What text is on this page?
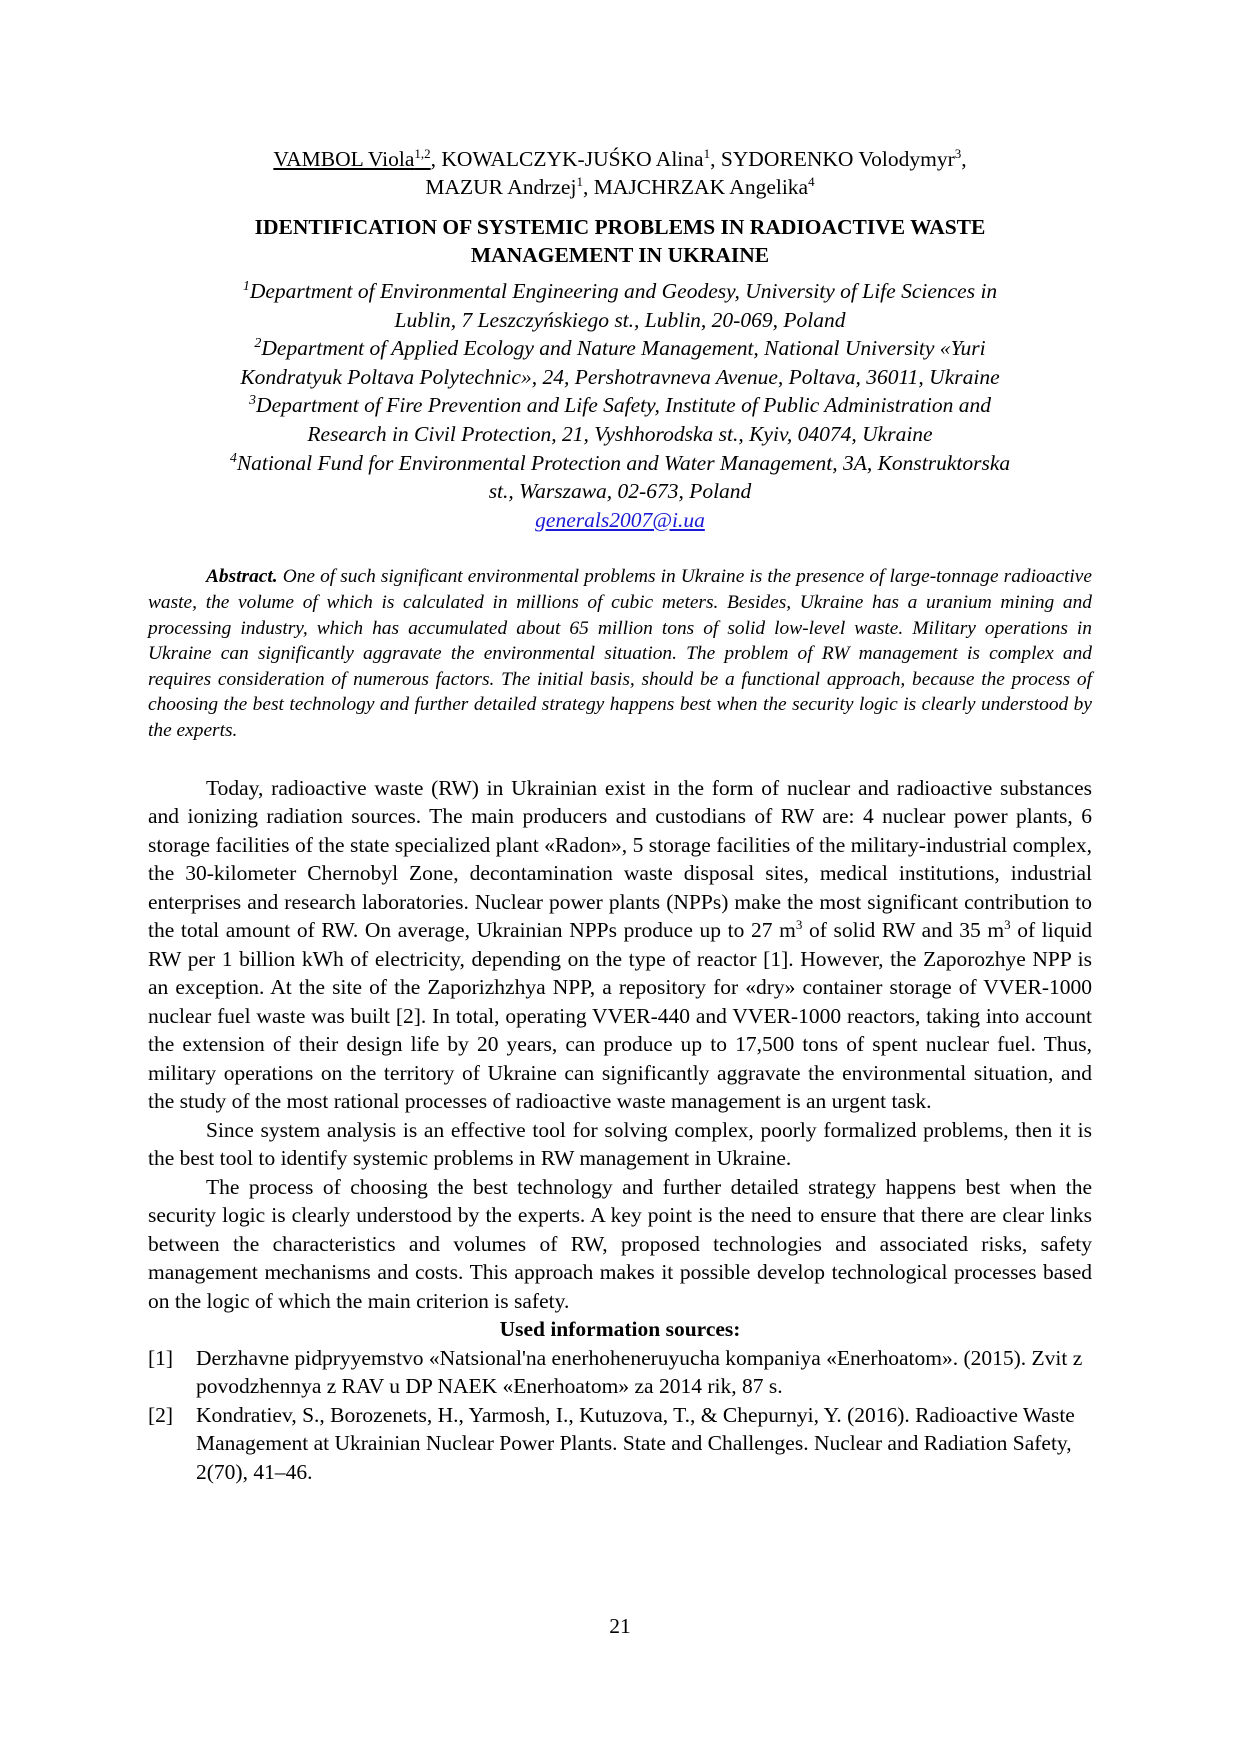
VAMBOL Viola$^{1,2}$, KOWALCZYK-JUŚKO Alina$^1$, SYDORENKO Volodymyr$^3$,
MAZUR Andrzej$^1$, MAJCHRZAK Angelika$^4$
IDENTIFICATION OF SYSTEMIC PROBLEMS IN RADIOACTIVE WASTE
MANAGEMENT IN UKRAINE
$^1$Department of Environmental Engineering and Geodesy, University of Life Sciences in
Lublin, 7 Leszczyńskiego st., Lublin, 20-069, Poland
$^2$Department of Applied Ecology and Nature Management, National University «Yuri
Kondratyuk Poltava Polytechnic», 24, Pershotravneva Avenue, Poltava, 36011, Ukraine
$^3$Department of Fire Prevention and Life Safety, Institute of Public Administration and
Research in Civil Protection, 21, Vyshhorodska st., Kyiv, 04074, Ukraine
$^4$National Fund for Environmental Protection and Water Management, 3A, Konstruktorska
st., Warszawa, 02-673, Poland
generals2007@i.ua
Abstract. One of such significant environmental problems in Ukraine is the presence of large-tonnage radioactive waste, the volume of which is calculated in millions of cubic meters. Besides, Ukraine has a uranium mining and processing industry, which has accumulated about 65 million tons of solid low-level waste. Military operations in Ukraine can significantly aggravate the environmental situation. The problem of RW management is complex and requires consideration of numerous factors. The initial basis, should be a functional approach, because the process of choosing the best technology and further detailed strategy happens best when the security logic is clearly understood by the experts.

Today, radioactive waste (RW) in Ukrainian exist in the form of nuclear and radioactive substances and ionizing radiation sources. The main producers and custodians of RW are: 4 nuclear power plants, 6 storage facilities of the state specialized plant «Radon», 5 storage facilities of the military-industrial complex, the 30-kilometer Chernobyl Zone, decontamination waste disposal sites, medical institutions, industrial enterprises and research laboratories. Nuclear power plants (NPPs) make the most significant contribution to the total amount of RW. On average, Ukrainian NPPs produce up to 27 $m^3$ of solid RW and 35 $m^3$ of liquid RW per 1 billion kWh of electricity, depending on the type of reactor [1]. However, the Zaporozhye NPP is an exception. At the site of the Zaporizhzhya NPP, a repository for «dry» container storage of VVER-1000 nuclear fuel waste was built [2]. In total, operating VVER-440 and VVER-1000 reactors, taking into account the extension of their design life by 20 years, can produce up to 17,500 tons of spent nuclear fuel. Thus, military operations on the territory of Ukraine can significantly aggravate the environmental situation, and the study of the most rational processes of radioactive waste management is an urgent task.

Since system analysis is an effective tool for solving complex, poorly formalized problems, then it is the best tool to identify systemic problems in RW management in Ukraine.

The process of choosing the best technology and further detailed strategy happens best when the security logic is clearly understood by the experts. A key point is the need to ensure that there are clear links between the characteristics and volumes of RW, proposed technologies and associated risks, safety management mechanisms and costs. This approach makes it possible develop technological processes based on the logic of which the main criterion is safety.

Used information sources:
[1] Derzhavne pidpryyemstvo «Natsional'na enerhoheneruyucha kompaniya «Enerhoatom». (2015). Zvit z povodzhennya z RAV u DP NAEK «Enerhoatom» za 2014 rik, 87 s.
[2] Kondratiev, S., Borozenets, H., Yarmosh, I., Kutuzova, T., & Chepurnyi, Y. (2016). Radioactive Waste Management at Ukrainian Nuclear Power Plants. State and Challenges. Nuclear and Radiation Safety, 2(70), 41–46.
21
